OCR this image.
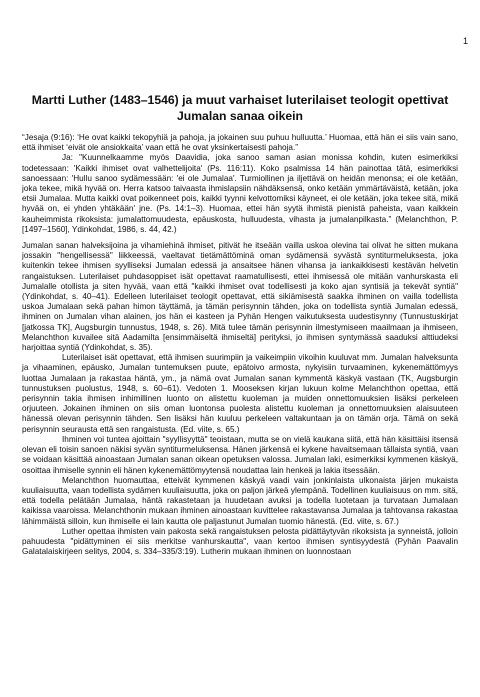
1
Martti Luther (1483–1546) ja muut varhaiset luterilaiset teologit opettivat Jumalan sanaa oikein

“Jesaja (9:16): ‘He ovat kaikki tekopyhiä ja pahoja, ja jokainen suu puhuu hulluutta.’ Huomaa, että hän ei siis vain sano, että ihmiset ‘eivät ole ansiokkaita’ vaan että he ovat yksinkertaisesti pahoja.”

Ja: "Kuunnelkaamme myös Daavidia, joka sanoo saman asian monissa kohdin, kuten esimerkiksi todetessaan: 'Kaikki ihmiset ovat valhettelijoita' (Ps. 116:11). Koko psalmissa 14 hän painottaa tätä, esimerkiksi sanoessaan: 'Hullu sanoo sydämessään: 'ei ole Jumalaa'. Turmiollinen ja iljettävä on heidän menonsa; ei ole ketään, joka tekee, mikä hyvää on. Herra katsoo taivaasta ihmislapsiin nähdäksensä, onko ketään ymmärtäväistä, ketään, joka etsii Jumalaa. Mutta kaikki ovat poikenneet pois, kaikki tyynni kelvottomiksi käyneet, ei ole ketään, joka tekee sitä, mikä hyvää on, ei yhden yhtäkään' jne. (Ps. 14:1–3). Huomaa, ettei hän syytä ihmistä pienistä paheista, vaan kaikkein kauheimmista rikoksista: jumalattomuudesta, epäuskosta, hulluudesta, vihasta ja jumalanpilkasta.” (Melanchthon, P. [1497–1560], Ydinkohdat, 1986, s. 44, 42.)

Jumalan sanan halveksijoina ja vihamiehinä ihmiset, pitivät he itseään vailla uskoa olevina tai olivat he sitten mukana jossakin "hengellisessä" liikkeessä, vaeltavat tietämättöminä oman sydämensä syvästä syntiturmeluksesta, joka kuitenkin tekee ihmisen syylliseksi Jumalan edessä ja ansaitsee hänen vihansa ja iankaikkisesti kestävän helvetin rangaistuksen. Luterilaiset puhdasoppiset isät opettavat raamatullisesti, ettei ihmisessä ole mitään vanhurskasta eli Jumalalle otollista ja siten hyvää, vaan että "kaikki ihmiset ovat todellisesti ja koko ajan syntisiä ja tekevät syntiä" (Ydinkohdat, s. 40–41). Edelleen luterilaiset teologit opettavat, että sikiämisestä saakka ihminen on vailla todellista uskoa Jumalaan sekä pahan himon täyttämä, ja tämän perisynnin tähden, joka on todellista syntiä Jumalan edessä, ihminen on Jumalan vihan alainen, jos hän ei kasteen ja Pyhän Hengen vaikutuksesta uudestisynny (Tunnustuskirjat [jatkossa TK], Augsburgin tunnustus, 1948, s. 26). Mitä tulee tämän perisynnin ilmestymiseen maailmaan ja ihmiseen, Melanchthon kuvailee sitä Aadamilta [ensimmäiseltä ihmiseltä] perityksi, jo ihmisen syntymässä saaduksi alttiudeksi harjoittaa syntiä (Ydinkohdat, s. 35).

Luterilaiset isät opettavat, että ihmisen suurimpiin ja vaikeimpiin vikoihin kuuluvat mm. Jumalan halveksunta ja vihaaminen, epäusko, Jumalan tuntemuksen puute, epätoivo armosta, nykyisiin turvaaminen, kykenemättömyys luottaa Jumalaan ja rakastaa häntä, ym., ja nämä ovat Jumalan sanan kymmentä käskyä vastaan (TK, Augsburgin tunnustuksen puolustus, 1948, s. 60–61). Vedoten 1. Mooseksen kirjan lukuun kolme Melanchthon opettaa, että perisynnin takia ihmisen inhimillinen luonto on alistettu kuoleman ja muiden onnettomuuksien lisäksi perkeleen orjuuteen. Jokainen ihminen on siis oman luontonsa puolesta alistettu kuoleman ja onnettomuuksien alaisuuteen hänessä olevan perisynnin tähden. Sen lisäksi hän kuuluu perkeleen valtakuntaan ja on tämän orja. Tämä on sekä perisynnin seurausta että sen rangaistusta. (Ed. viite, s. 65.)

Ihminen voi tuntea ajoittain "syyllisyyttä" teoistaan, mutta se on vielä kaukana siitä, että hän käsittäisi itsensä olevan eli toisin sanoen näkisi syvän syntiturmeluksensa. Hänen järkensä ei kykene havaitsemaan tällaista syntiä, vaan se voidaan käsittää ainoastaan Jumalan sanan oikean opetuksen valossa. Jumalan laki, esimerkiksi kymmenen käskyä, osoittaa ihmiselle synnin eli hänen kykenemättömyytensä noudattaa lain henkeä ja lakia itsessään.

Melanchthon huomauttaa, etteivät kymmenen käskyä vaadi vain jonkinlaista ulkonaista järjen mukaista kuuliaisuutta, vaan todellista sydämen kuuliaisuutta, joka on paljon järkeä ylempänä. Todellinen kuuliaisuus on mm. sitä, että todella pelätään Jumalaa, häntä rakastetaan ja huudetaan avuksi ja todella luotetaan ja turvataan Jumalaan kaikissa vaaroissa. Melanchthonin mukaan ihminen ainoastaan kuvittelee rakastavansa Jumalaa ja tahtovansa rakastaa lähimmäistä silloin, kun ihmiselle ei lain kautta ole paljastunut Jumalan tuomio hänestä. (Ed. viite, s. 67.)

Luther opettaa ihmisten vain pakosta sekä rangaistuksen pelosta pidättäytyvän rikoksista ja synneistä, jolloin pahuudesta "pidättyminen ei siis merkitse vanhurskautta", vaan kertoo ihmisen syntisyydestä (Pyhän Paavalin Galatalaiskirjeen selitys, 2004, s. 334–335/3:19). Lutherin mukaan ihminen on luonnostaan
